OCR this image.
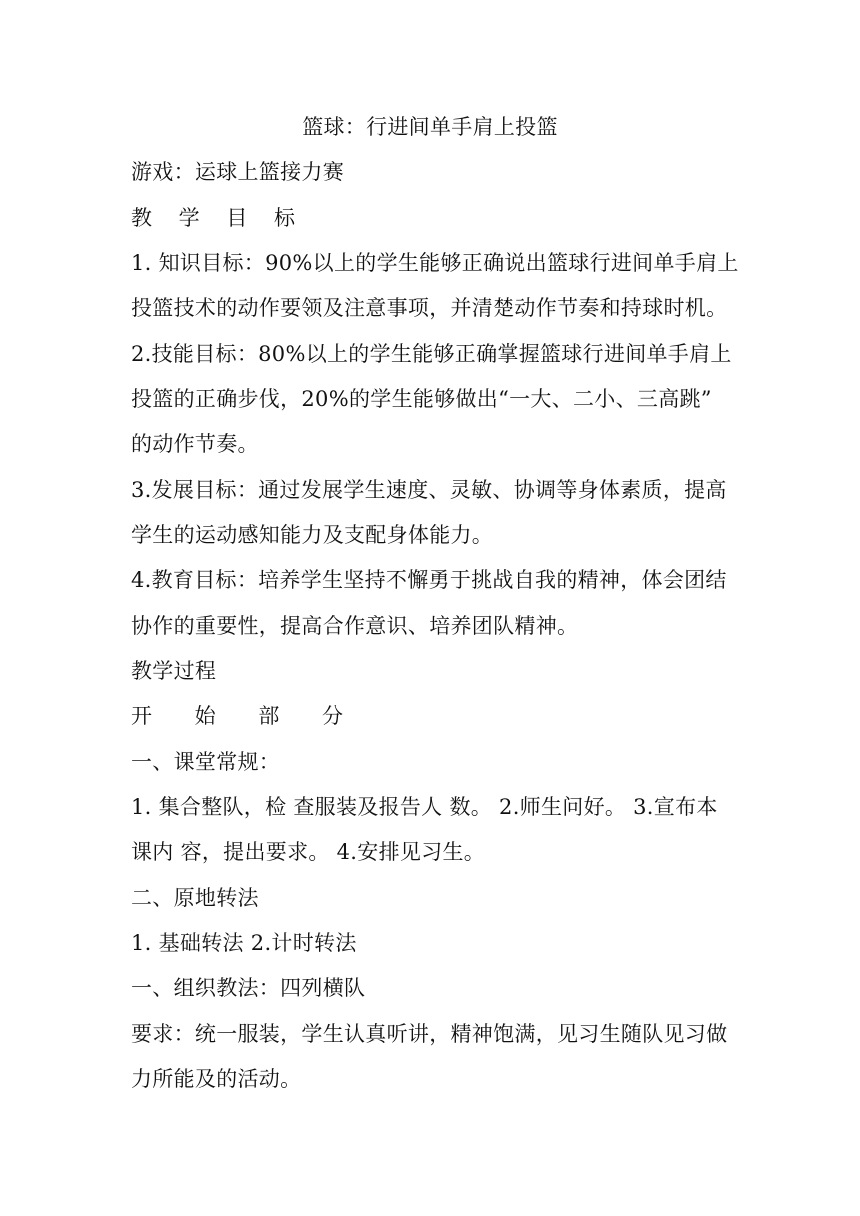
篮球：行进间单手肩上投篮
游戏：运球上篮接力赛
教 学 目 标
1. 知识目标：90%以上的学生能够正确说出篮球行进间单手肩上
投篮技术的动作要领及注意事项，并清楚动作节奏和持球时机。
2.技能目标：80%以上的学生能够正确掌握篮球行进间单手肩上
投篮的正确步伐，20%的学生能够做出“一大、二小、三高跳”
的动作节奏。
3.发展目标：通过发展学生速度、灵敏、协调等身体素质，提高
学生的运动感知能力及支配身体能力。
4.教育目标：培养学生坚持不懈勇于挑战自我的精神，体会团结
协作的重要性，提高合作意识、培养团队精神。
教学过程
开 始 部 分
一、课堂常规：
1. 集合整队，检 查服装及报告人 数。 2.师生问好。 3.宣布本
课内 容，提出要求。 4.安排见习生。
二、原地转法
1. 基础转法 2.计时转法
一、组织教法：四列横队
要求：统一服装，学生认真听讲，精神饱满，见习生随队见习做
力所能及的活动。
